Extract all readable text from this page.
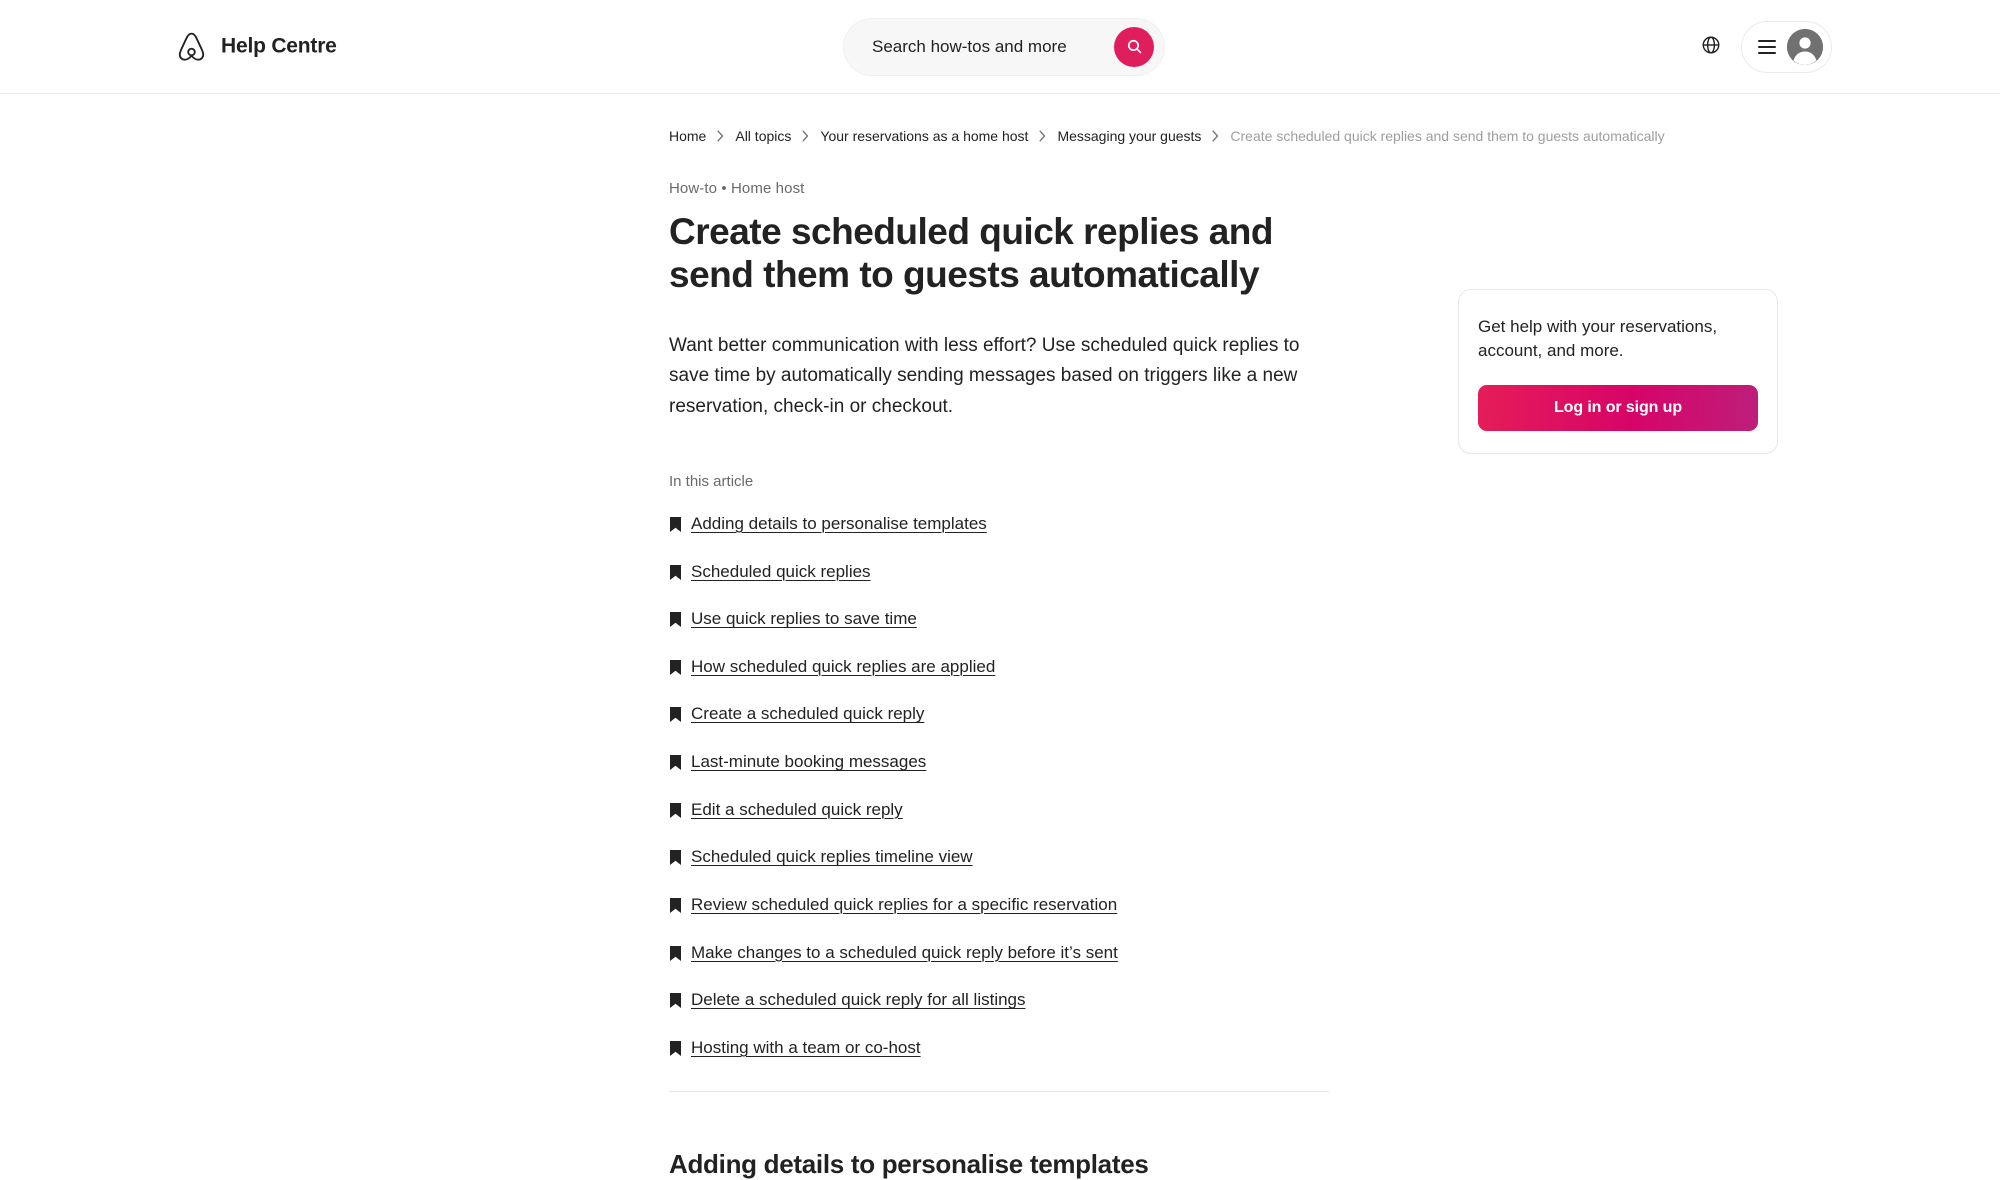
Help Centre
Search how-tos and more
Home All topics Your reservations as a home host Messaging your guests Create scheduled quick replies and send them to guests automatically
How-to • Home host
Create scheduled quick replies and send them to guests automatically

Want better communication with less effort? Use scheduled quick replies to save time by automatically sending messages based on triggers like a new reservation, check-in or checkout.

In this article
Adding details to personalise templates
Scheduled quick replies
Use quick replies to save time
How scheduled quick replies are applied
Create a scheduled quick reply
Last-minute booking messages
Edit a scheduled quick reply
Scheduled quick replies timeline view
Review scheduled quick replies for a specific reservation
Make changes to a scheduled quick reply before it’s sent
Delete a scheduled quick reply for all listings
Hosting with a team or co-host
Adding details to personalise templates
Get help with your reservations, account, and more.
Log in or sign up
